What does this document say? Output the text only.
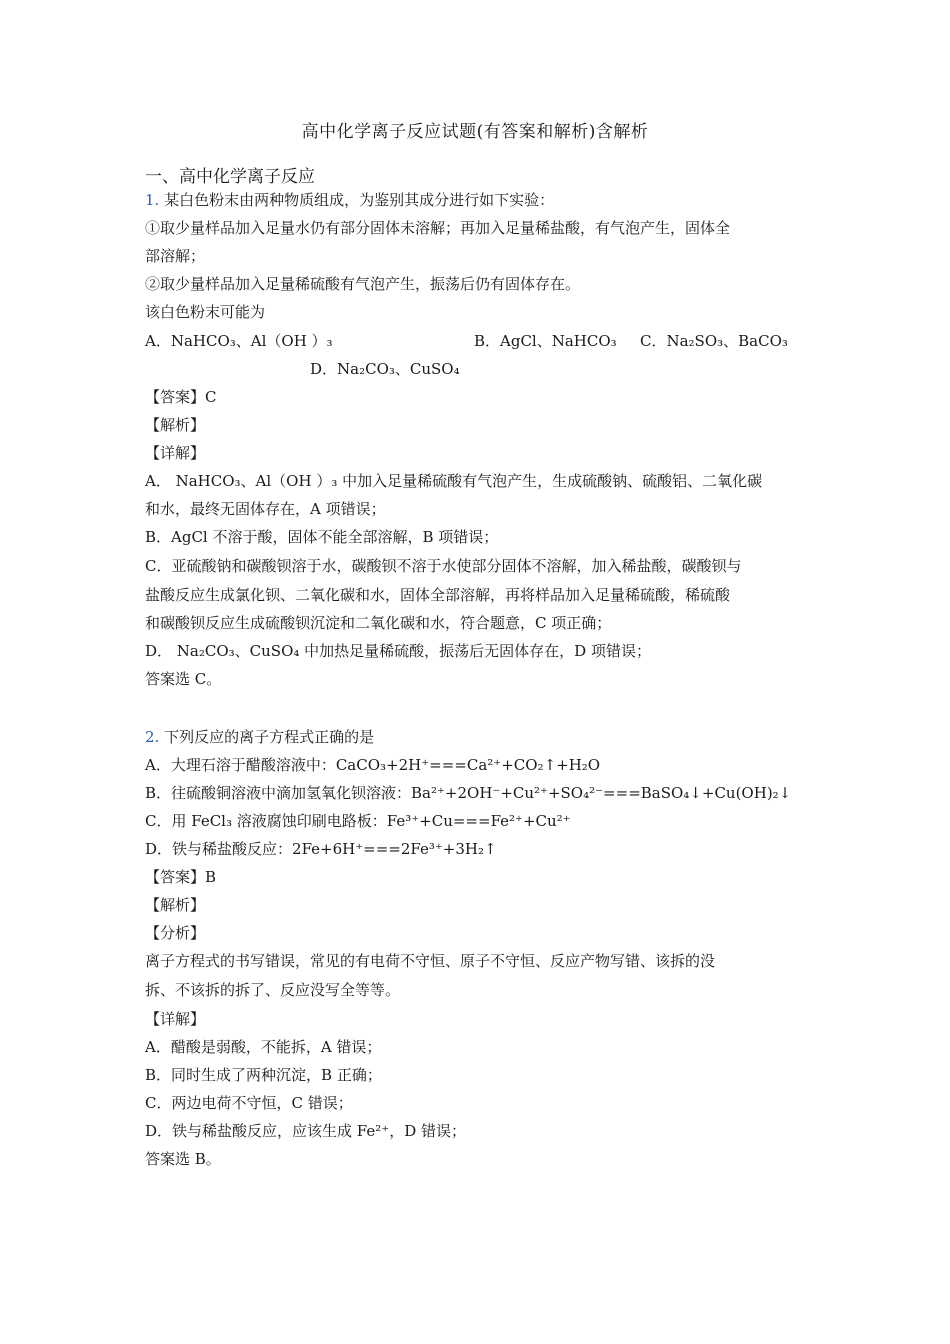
高中化学离子反应试题(有答案和解析)含解析
一、高中化学离子反应
1. 某白色粉末由两种物质组成，为鉴别其成分进行如下实验：
①取少量样品加入足量水仍有部分固体未溶解；再加入足量稀盐酸，有气泡产生，固体全
部溶解；
②取少量样品加入足量稀硫酸有气泡产生，振荡后仍有固体存在。
该白色粉末可能为
A．NaHCO₃、Al（OH ）₃	B．AgCl、NaHCO₃ C．Na₂SO₃、BaCO₃
D．Na₂CO₃、CuSO₄
【答案】C
【解析】
【详解】
A． NaHCO₃、Al（OH ）₃ 中加入足量稀硫酸有气泡产生，生成硫酸钠、硫酸铝、二氧化碳
和水，最终无固体存在，A 项错误；
B．AgCl 不溶于酸，固体不能全部溶解，B 项错误；
C．亚硫酸钠和碳酸钡溶于水，碳酸钡不溶于水使部分固体不溶解，加入稀盐酸，碳酸钡与
盐酸反应生成氯化钡、二氧化碳和水，固体全部溶解，再将样品加入足量稀硫酸，稀硫酸
和碳酸钡反应生成硫酸钡沉淀和二氧化碳和水，符合题意，C 项正确；
D． Na₂CO₃、CuSO₄ 中加热足量稀硫酸，振荡后无固体存在，D 项错误；
答案选 C。
2. 下列反应的离子方程式正确的是
A．大理石溶于醋酸溶液中：CaCO₃+2H⁺===Ca²⁺+CO₂↑+H₂O
B．往硫酸铜溶液中滴加氢氧化钡溶液：Ba²⁺+2OH⁻+Cu²⁺+SO₄²⁻===BaSO₄↓+Cu(OH)₂↓
C．用 FeCl₃ 溶液腐蚀印刷电路板：Fe³⁺+Cu===Fe²⁺+Cu²⁺
D．铁与稀盐酸反应：2Fe+6H⁺===2Fe³⁺+3H₂↑
【答案】B
【解析】
【分析】
离子方程式的书写错误，常见的有电荷不守恒、原子不守恒、反应产物写错、该拆的没
拆、不该拆的拆了、反应没写全等等。
【详解】
A．醋酸是弱酸，不能拆，A 错误；
B．同时生成了两种沉淀，B 正确；
C．两边电荷不守恒，C 错误；
D．铁与稀盐酸反应，应该生成 Fe²⁺，D 错误；
答案选 B。
